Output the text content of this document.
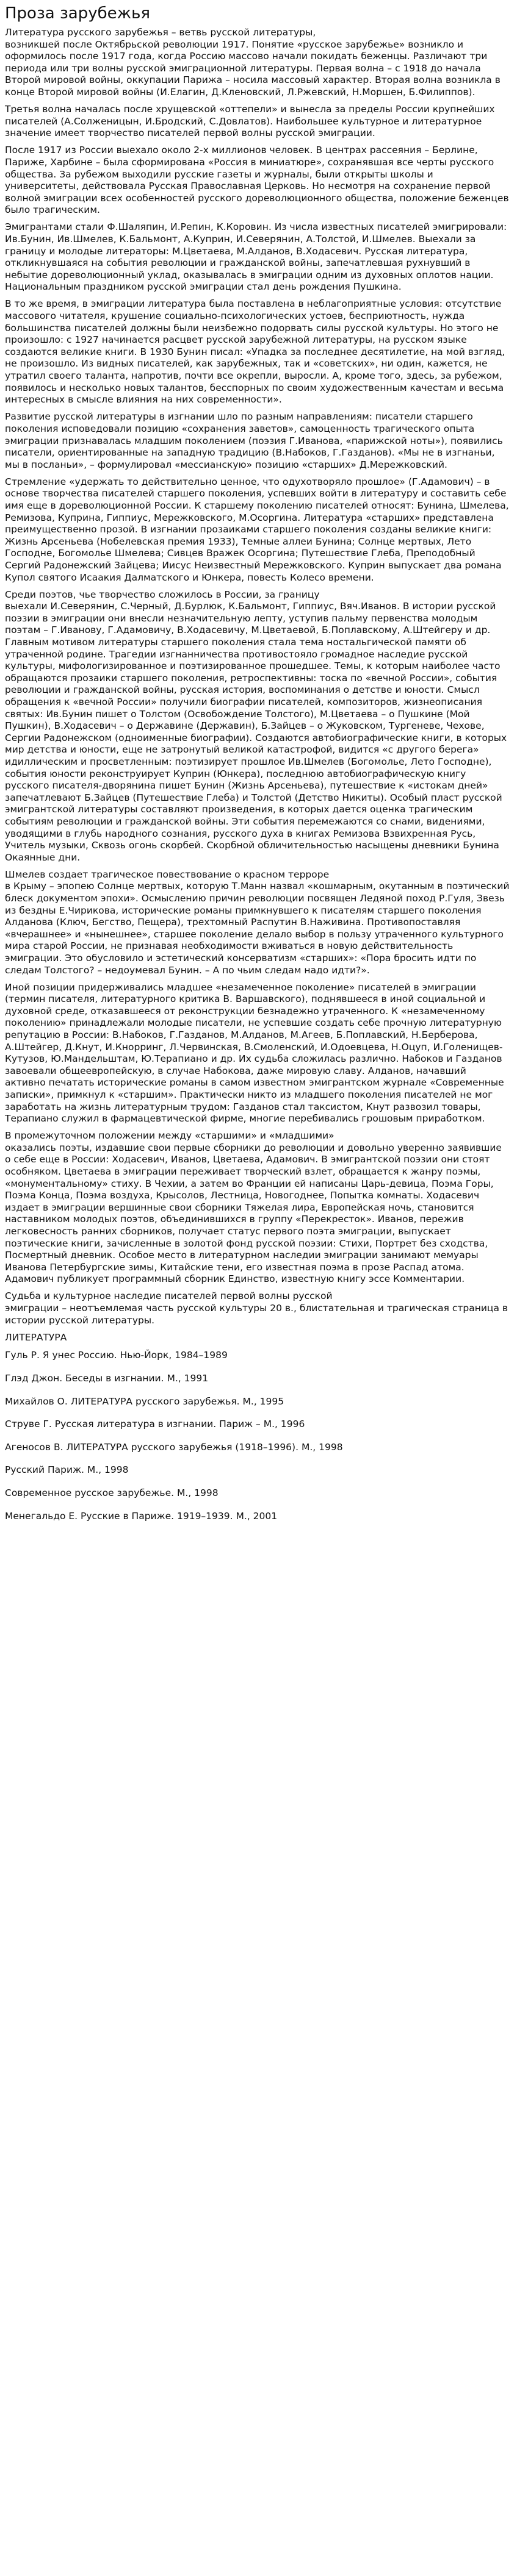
Проза зарубежья

Литература русского зарубежья – ветвь русской литературы,
возникшей после Октябрьской революции 1917. Понятие «русское зарубежье» возникло и оформилось после 1917 года, когда Россию массово начали покидать беженцы. Различают три периода или три волны русской эмиграционной литературы. Первая волна – с 1918 до начала Второй мировой войны, оккупации Парижа – носила массовый характер. Вторая волна возникла в конце Второй мировой войны (И.Елагин, Д.Кленовский, Л.Ржевский, Н.Моршен, Б.Филиппов).

Третья волна началась после хрущевской «оттепели» и вынесла за пределы России крупнейших писателей (А.Солженицын, И.Бродский, С.Довлатов). Наибольшее культурное и литературное значение имеет творчество писателей первой волны русской эмиграции.

После 1917 из России выехало около 2-х миллионов человек. В центрах рассеяния – Берлине, Париже, Харбине – была сформирована «Россия в миниатюре», сохранявшая все черты русского общества. За рубежом выходили русские газеты и журналы, были открыты школы и университеты, действовала Русская Православная Церковь. Но несмотря на сохранение первой волной эмиграции всех особенностей русского дореволюционного общества, положение беженцев было трагическим.

Эмигрантами стали Ф.Шаляпин, И.Репин, К.Коровин. Из числа известных писателей эмигрировали: Ив.Бунин, Ив.Шмелев, К.Бальмонт, А.Куприн, И.Северянин, А.Толстой, И.Шмелев. Выехали за границу и молодые литераторы: М.Цветаева, М.Алданов, В.Ходасевич. Русская литература, откликнувшаяся на события революции и гражданской войны, запечатлевшая рухнувший в небытие дореволюционный уклад, оказывалась в эмиграции одним из духовных оплотов нации. Национальным праздником русской эмиграции стал день рождения Пушкина.

В то же время, в эмиграции литература была поставлена в неблагоприятные условия: отсутствие массового читателя, крушение социально-психологических устоев, бесприютность, нужда большинства писателей должны были неизбежно подорвать силы русской культуры. Но этого не произошло: с 1927 начинается расцвет русской зарубежной литературы, на русском языке создаются великие книги. В 1930 Бунин писал: «Упадка за последнее десятилетие, на мой взгляд, не произошло. Из видных писателей, как зарубежных, так и «советских», ни один, кажется, не утратил своего таланта, напротив, почти все окрепли, выросли. А, кроме того, здесь, за рубежом, появилось и несколько новых талантов, бесспорных по своим художественным качестам и весьма интересных в смысле влияния на них современности».

Развитие русской литературы в изгнании шло по разным направлениям: писатели старшего поколения исповедовали позицию «сохранения заветов», самоценность трагического опыта эмиграции признавалась младшим поколением (поэзия Г.Иванова, «парижской ноты»), появились писатели, ориентированные на западную традицию (В.Набоков, Г.Газданов). «Мы не в изгнаньи, мы в посланьи», – формулировал «мессианскую» позицию «старших» Д.Мережковский.

Стремление «удержать то действительно ценное, что одухотворяло прошлое» (Г.Адамович) – в основе творчества писателей старшего поколения, успевших войти в литературу и составить себе имя еще в дореволюционной России. К старшему поколению писателей относят: Бунина, Шмелева, Ремизова, Куприна, Гиппиус, Мережковского, М.Осоргина. Литература «старших» представлена преимущественно прозой. В изгнании прозаиками старшего поколения созданы великие книги: Жизнь Арсеньева (Нобелевская премия 1933), Темные аллеи Бунина; Солнце мертвых, Лето Господне, Богомолье Шмелева; Сивцев Вражек Осоргина; Путешествие Глеба, Преподобный Сергий Радонежский Зайцева; Иисус Неизвестный Мережковского. Куприн выпускает два романа Купол святого Исаакия Далматского и Юнкера, повесть Колесо времени.

Среди поэтов, чье творчество сложилось в России, за границу
выехали И.Северянин, С.Черный, Д.Бурлюк, К.Бальмонт, Гиппиус, Вяч.Иванов. В истории русской поэзии в эмиграции они внесли незначительную лепту, уступив пальму первенства молодым поэтам – Г.Иванову, Г.Адамовичу, В.Ходасевичу, М.Цветаевой, Б.Поплавскому, А.Штейгеру и др. Главным мотивом литературы старшего поколения стала тема ностальгической памяти об утраченной родине. Трагедии изгнанничества противостояло громадное наследие русской культуры, мифологизированное и поэтизированное прошедшее. Темы, к которым наиболее часто обращаются прозаики старшего поколения, ретроспективны: тоска по «вечной России», события революции и гражданской войны, русская история, воспоминания о детстве и юности. Смысл обращения к «вечной России» получили биографии писателей, композиторов, жизнеописания святых: Ив.Бунин пишет о Толстом (Освобождение Толстого), М.Цветаева – о Пушкине (Мой Пушкин), В.Ходасевич – о Державине (Державин), Б.Зайцев – о Жуковском, Тургеневе, Чехове, Сергии Радонежском (одноименные биографии). Создаются автобиографические книги, в которых мир детства и юности, еще не затронутый великой катастрофой, видится «с другого берега» идиллическим и просветленным: поэтизирует прошлое Ив.Шмелев (Богомолье, Лето Господне), события юности реконструирует Куприн (Юнкера), последнюю автобиографическую книгу русского писателя-дворянина пишет Бунин (Жизнь Арсеньева), путешествие к «истокам дней» запечатлевают Б.Зайцев (Путешествие Глеба) и Толстой (Детство Никиты). Особый пласт русской эмигрантской литературы составляют произведения, в которых дается оценка трагическим событиям революции и гражданской войны. Эти события перемежаются со снами, видениями, уводящими в глубь народного сознания, русского духа в книгах Ремизова Взвихренная Русь, Учитель музыки, Сквозь огонь скорбей. Скорбной обличительностью насыщены дневники Бунина Окаянные дни.

Шмелев создает трагическое повествование о красном терроре
в Крыму – эпопею Солнце мертвых, которую Т.Манн назвал «кошмарным, окутанным в поэтический блеск документом эпохи». Осмыслению причин революции посвящен Ледяной поход Р.Гуля, Звезь из бездны Е.Чирикова, исторические романы примкнувшего к писателям старшего поколения Алданова (Ключ, Бегство, Пещера), трехтомный Распутин В.Наживина. Противопоставляя «вчерашнее» и «нынешнее», старшее поколение делало выбор в пользу утраченного культурного мира старой России, не признавая необходимости вживаться в новую действительность эмиграции. Это обусловило и эстетический консерватизм «старших»: «Пора бросить идти по следам Толстого? – недоумевал Бунин. – А по чьим следам надо идти?».

Иной позиции придерживались младшее «незамеченное поколение» писателей в эмиграции (термин писателя, литературного критика В. Варшавского), поднявшееся в иной социальной и духовной среде, отказавшееся от реконструкции безнадежно утраченного. К «незамеченному поколению» принадлежали молодые писатели, не успевшие создать себе прочную литературную репутацию в России: В.Набоков, Г.Газданов, М.Алданов, М.Агеев, Б.Поплавский, Н.Берберова, А.Штейгер, Д.Кнут, И.Кнорринг, Л.Червинская, В.Смоленский, И.Одоевцева, Н.Оцуп, И.Голенищев-Кутузов, Ю.Мандельштам, Ю.Терапиано и др. Их судьба сложилась различно. Набоков и Газданов завоевали общеевропейскую, в случае Набокова, даже мировую славу. Алданов, начавший активно печатать исторические романы в самом известном эмигрантском журнале «Современные записки», примкнул к «старшим». Практически никто из младшего поколения писателей не мог заработать на жизнь литературным трудом: Газданов стал таксистом, Кнут развозил товары, Терапиано служил в фармацевтической фирме, многие перебивались грошовым приработком.

В промежуточном положении между «старшими» и «младшими»
оказались поэты, издавшие свои первые сборники до революции и довольно уверенно заявившие о себе еще в России: Ходасевич, Иванов, Цветаева, Адамович. В эмигрантской поэзии они стоят особняком. Цветаева в эмиграции переживает творческий взлет, обращается к жанру поэмы, «монументальному» стиху. В Чехии, а затем во Франции ей написаны Царь-девица, Поэма Горы, Поэма Конца, Поэма воздуха, Крысолов, Лестница, Новогоднее, Попытка комнаты. Ходасевич издает в эмиграции вершинные свои сборники Тяжелая лира, Европейская ночь, становится наставником молодых поэтов, объединившихся в группу «Перекресток». Иванов, пережив легковесность ранних сборников, получает статус первого поэта эмиграции, выпускает поэтические книги, зачисленные в золотой фонд русской поэзии: Стихи, Портрет без сходства, Посмертный дневник. Особое место в литературном наследии эмиграции занимают мемуары Иванова Петербургские зимы, Китайские тени, его известная поэма в прозе Распад атома. Адамович публикует программный сборник Единство, известную книгу эссе Комментарии.

Судьба и культурное наследие писателей первой волны русской
эмиграции – неотъемлемая часть русской культуры 20 в., блистательная и трагическая страница в истории русской литературы.

ЛИТЕРАТУРА
Гуль Р. Я унес Россию. Нью-Йорк, 1984–1989
Глэд Джон. Беседы в изгнании. М., 1991
Михайлов О. ЛИТЕРАТУРА русского зарубежья. М., 1995
Струве Г. Русская литература в изгнании. Париж – М., 1996
Агеносов В. ЛИТЕРАТУРА русского зарубежья (1918–1996). М., 1998
Русский Париж. М., 1998
Современное русское зарубежье. М., 1998
Менегальдо Е. Русские в Париже. 1919–1939. М., 2001
